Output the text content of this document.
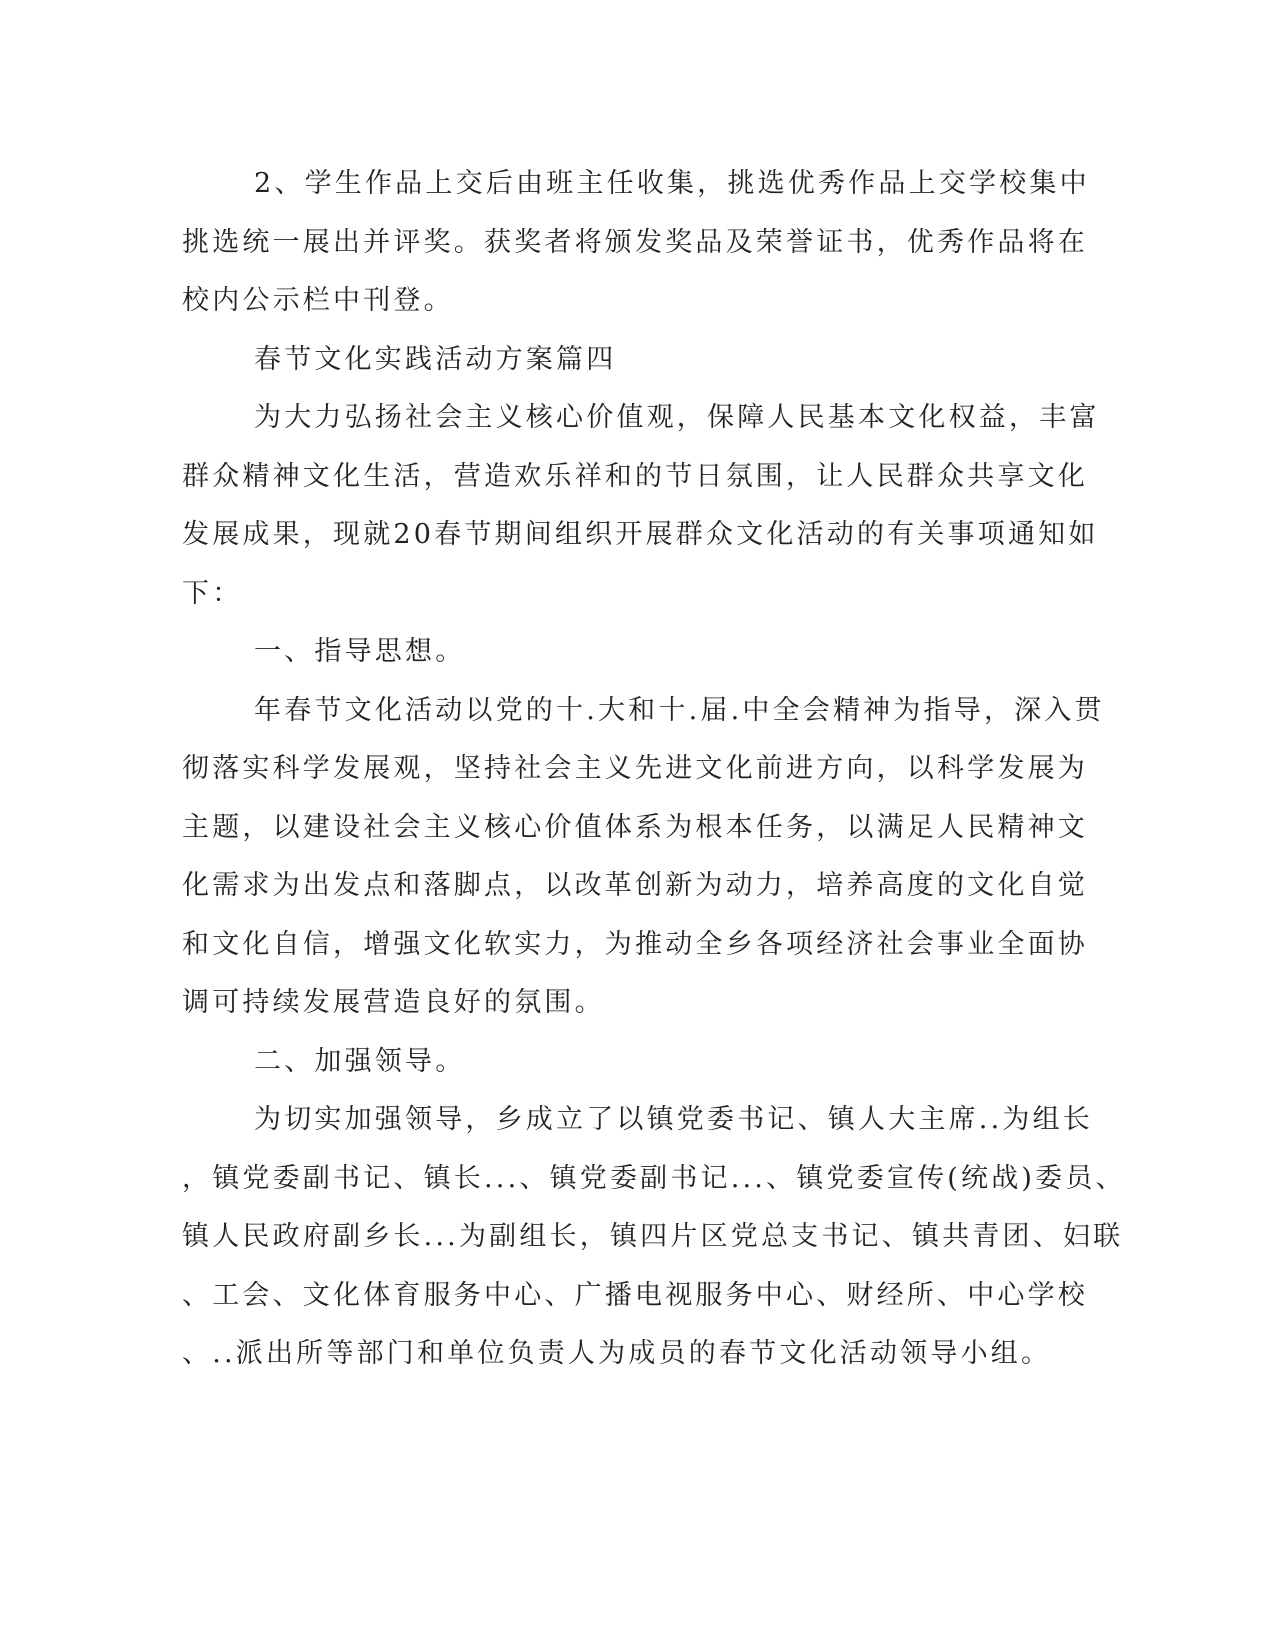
2、学生作品上交后由班主任收集，挑选优秀作品上交学校集中
挑选统一展出并评奖。获奖者将颁发奖品及荣誉证书，优秀作品将在
校内公示栏中刊登。

春节文化实践活动方案篇四

为大力弘扬社会主义核心价值观，保障人民基本文化权益，丰富
群众精神文化生活，营造欢乐祥和的节日氛围，让人民群众共享文化
发展成果，现就20春节期间组织开展群众文化活动的有关事项通知如
下：

一、指导思想。

年春节文化活动以党的十.大和十.届.中全会精神为指导，深入贯
彻落实科学发展观，坚持社会主义先进文化前进方向，以科学发展为
主题，以建设社会主义核心价值体系为根本任务，以满足人民精神文
化需求为出发点和落脚点，以改革创新为动力，培养高度的文化自觉
和文化自信，增强文化软实力，为推动全乡各项经济社会事业全面协
调可持续发展营造良好的氛围。

二、加强领导。

为切实加强领导，乡成立了以镇党委书记、镇人大主席..为组长
，镇党委副书记、镇长...、镇党委副书记...、镇党委宣传(统战)委员、
镇人民政府副乡长...为副组长，镇四片区党总支书记、镇共青团、妇联
、工会、文化体育服务中心、广播电视服务中心、财经所、中心学校
、..派出所等部门和单位负责人为成员的春节文化活动领导小组。
